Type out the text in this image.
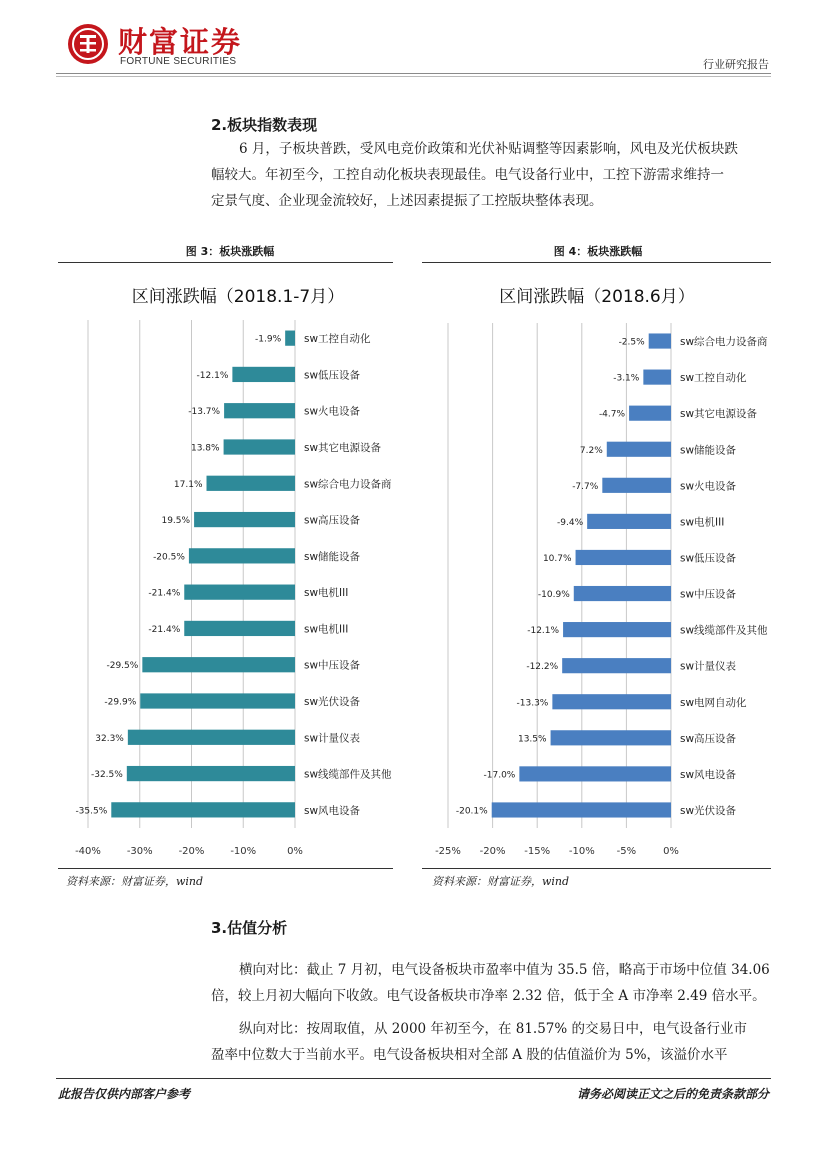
财富证券
FORTUNE SECURITIES	行业研究报告
2.板块指数表现
6 月，子板块普跌，受风电竞价政策和光伏补贴调整等因素影响，风电及光伏板块跌
幅较大。年初至今，工控自动化板块表现最佳。电气设备行业中，工控下游需求维持一
定景气度、企业现金流较好，上述因素提振了工控版块整体表现。
图 3：板块涨跌幅	图 4：板块涨跌幅
区间涨跌幅（2018.1-7月）
-40%	-30%	-20%	-10%	0%
-1.9% sw工控自动化
-12.1%	sw低压设备
-13.7%	sw火电设备
13.8%	sw其它电源设备
17.1%	sw综合电力设备商
19.5%	sw高压设备
-20.5%	sw储能设备
-21.4%	sw电机III
-21.4%	sw电机III
-29.5%	sw中压设备
-29.9%	sw光伏设备
32.3%	sw计量仪表
-32.5%	sw线缆部件及其他
-35.5%	sw风电设备
区间涨跌幅（2018.6月）
-25% -20% -15% -10% -5%	0%
-2.5%	sw综合电力设备商
-3.1%	sw工控自动化
-4.7%	sw其它电源设备
7.2%	sw储能设备
-7.7%	sw火电设备
-9.4%	sw电机III
10.7%	sw低压设备
-10.9%	sw中压设备
-12.1%	sw线缆部件及其他
-12.2%	sw计量仪表
-13.3%	sw电网自动化
13.5%	sw高压设备
-17.0%	sw风电设备
-20.1%	sw光伏设备
资料来源：财富证券，wind	资料来源：财富证券，wind
3.估值分析
横向对比：截止 7 月初，电气设备板块市盈率中值为 35.5 倍，略高于市场中位值 34.06
倍，较上月初大幅向下收敛。电气设备板块市净率 2.32 倍，低于全 A 市净率 2.49 倍水平。
纵向对比：按周取值，从 2000 年初至今，在 81.57% 的交易日中，电气设备行业市
盈率中位数大于当前水平。电气设备板块相对全部 A 股的估值溢价为 5%，该溢价水平
此报告仅供内部客户参考	请务必阅读正文之后的免责条款部分
